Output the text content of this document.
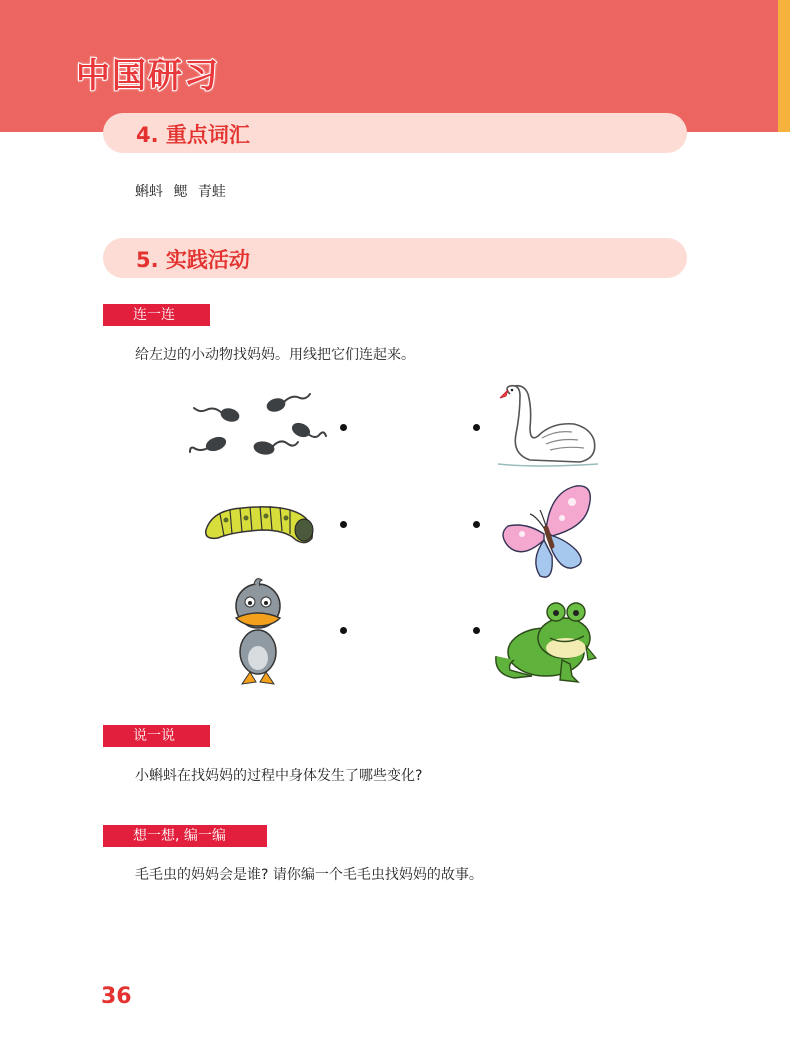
中国研习
4. 重点词汇
蝌蚪 鳃 青蛙
5. 实践活动
连一连
给左边的小动物找妈妈。用线把它们连起来。
说一说
小蝌蚪在找妈妈的过程中身体发生了哪些变化?
想一想, 编一编
毛毛虫的妈妈会是谁? 请你编一个毛毛虫找妈妈的故事。
36
